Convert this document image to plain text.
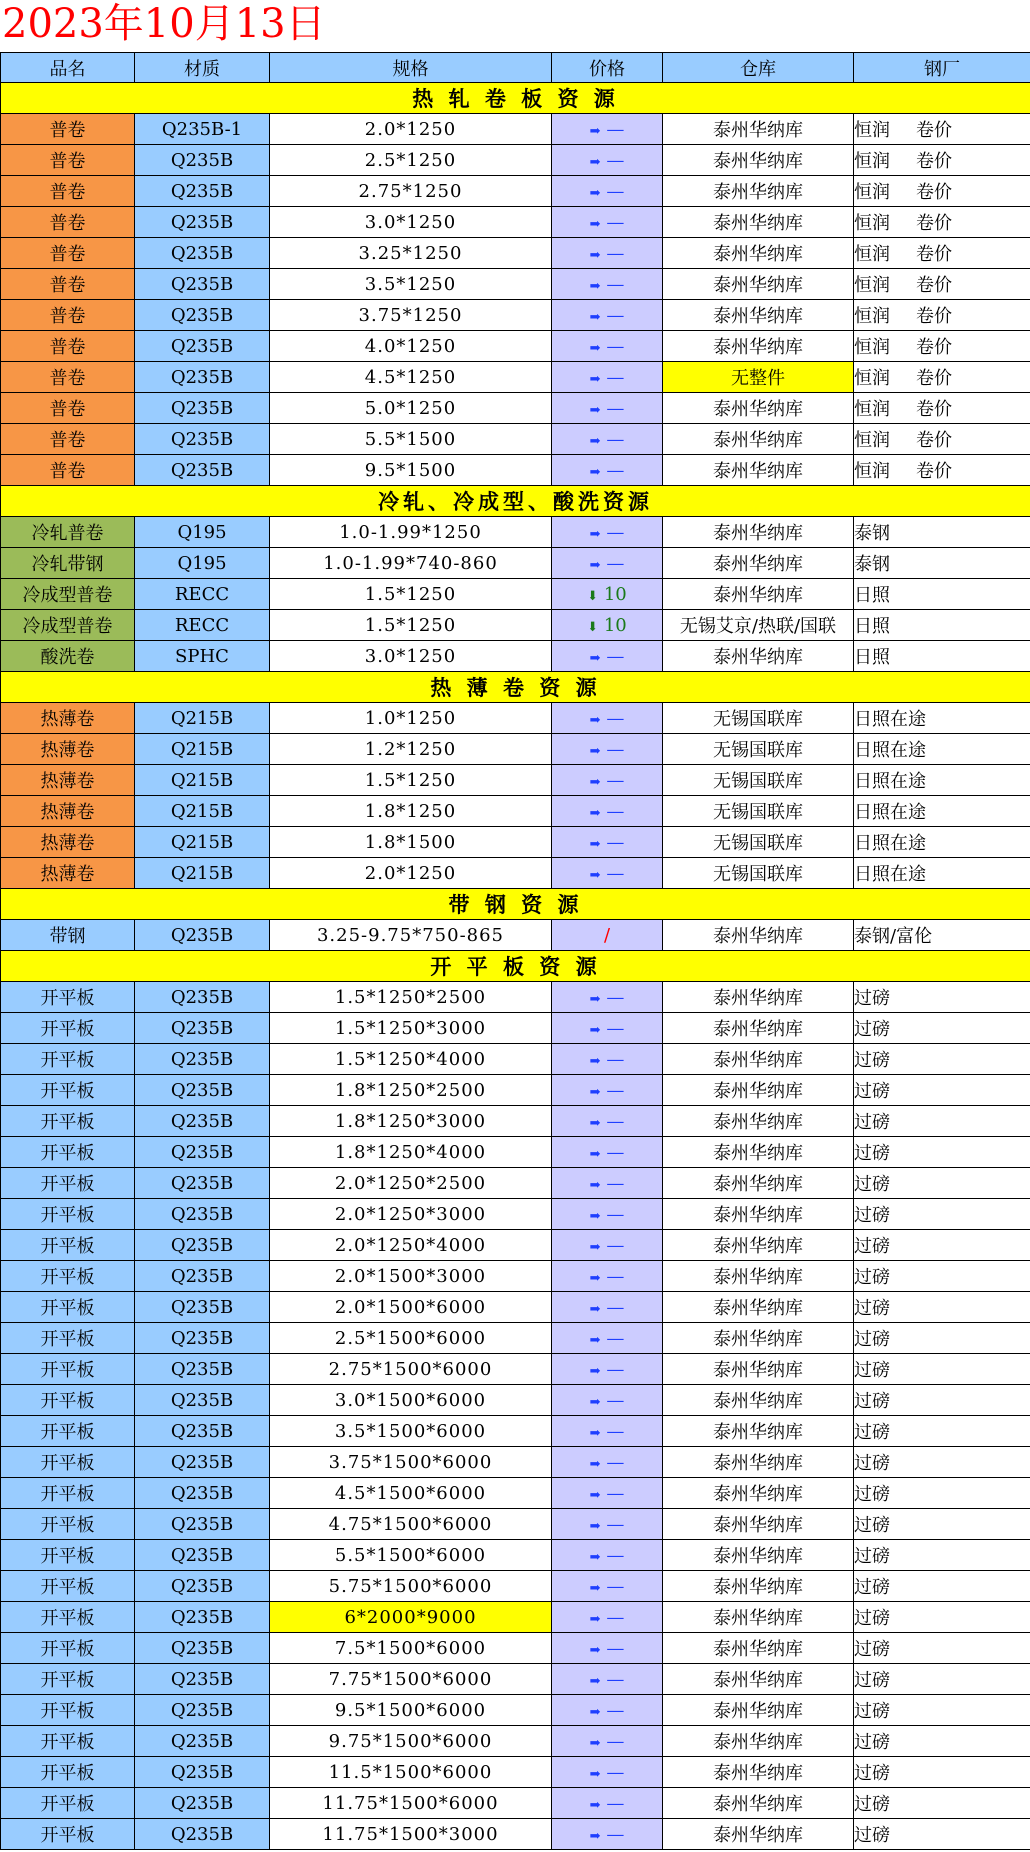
2023年10月13日
品名	材质	规格	价格	仓库	钢厂
热 轧 卷 板 资 源					
普卷	Q235B-1	2.0*1250	➡ —	泰州华纳库	恒润 卷价
普卷	Q235B	2.5*1250	➡ —	泰州华纳库	恒润 卷价
普卷	Q235B	2.75*1250	➡ —	泰州华纳库	恒润 卷价
普卷	Q235B	3.0*1250	➡ —	泰州华纳库	恒润 卷价
普卷	Q235B	3.25*1250	➡ —	泰州华纳库	恒润 卷价
普卷	Q235B	3.5*1250	➡ —	泰州华纳库	恒润 卷价
普卷	Q235B	3.75*1250	➡ —	泰州华纳库	恒润 卷价
普卷	Q235B	4.0*1250	➡ —	泰州华纳库	恒润 卷价
普卷	Q235B	4.5*1250	➡ —	无整件	恒润 卷价
普卷	Q235B	5.0*1250	➡ —	泰州华纳库	恒润 卷价
普卷	Q235B	5.5*1500	➡ —	泰州华纳库	恒润 卷价
普卷	Q235B	9.5*1500	➡ —	泰州华纳库	恒润 卷价
冷轧、冷成型、酸洗资源					
冷轧普卷	Q195	1.0-1.99*1250	➡ —	泰州华纳库	泰钢
冷轧带钢	Q195	1.0-1.99*740-860	➡ —	泰州华纳库	泰钢
冷成型普卷	RECC	1.5*1250	⬇ 10	泰州华纳库	日照
冷成型普卷	RECC	1.5*1250	⬇ 10	无锡艾京/热联/国联	日照
酸洗卷	SPHC	3.0*1250	➡ —	泰州华纳库	日照
热 薄 卷 资 源					
热薄卷	Q215B	1.0*1250	➡ —	无锡国联库	日照在途
热薄卷	Q215B	1.2*1250	➡ —	无锡国联库	日照在途
热薄卷	Q215B	1.5*1250	➡ —	无锡国联库	日照在途
热薄卷	Q215B	1.8*1250	➡ —	无锡国联库	日照在途
热薄卷	Q215B	1.8*1500	➡ —	无锡国联库	日照在途
热薄卷	Q215B	2.0*1250	➡ —	无锡国联库	日照在途
带 钢 资 源					
带钢	Q235B	3.25-9.75*750-865	/	泰州华纳库	泰钢/富伦
开 平 板 资 源					
开平板	Q235B	1.5*1250*2500	➡ —	泰州华纳库	过磅
开平板	Q235B	1.5*1250*3000	➡ —	泰州华纳库	过磅
开平板	Q235B	1.5*1250*4000	➡ —	泰州华纳库	过磅
开平板	Q235B	1.8*1250*2500	➡ —	泰州华纳库	过磅
开平板	Q235B	1.8*1250*3000	➡ —	泰州华纳库	过磅
开平板	Q235B	1.8*1250*4000	➡ —	泰州华纳库	过磅
开平板	Q235B	2.0*1250*2500	➡ —	泰州华纳库	过磅
开平板	Q235B	2.0*1250*3000	➡ —	泰州华纳库	过磅
开平板	Q235B	2.0*1250*4000	➡ —	泰州华纳库	过磅
开平板	Q235B	2.0*1500*3000	➡ —	泰州华纳库	过磅
开平板	Q235B	2.0*1500*6000	➡ —	泰州华纳库	过磅
开平板	Q235B	2.5*1500*6000	➡ —	泰州华纳库	过磅
开平板	Q235B	2.75*1500*6000	➡ —	泰州华纳库	过磅
开平板	Q235B	3.0*1500*6000	➡ —	泰州华纳库	过磅
开平板	Q235B	3.5*1500*6000	➡ —	泰州华纳库	过磅
开平板	Q235B	3.75*1500*6000	➡ —	泰州华纳库	过磅
开平板	Q235B	4.5*1500*6000	➡ —	泰州华纳库	过磅
开平板	Q235B	4.75*1500*6000	➡ —	泰州华纳库	过磅
开平板	Q235B	5.5*1500*6000	➡ —	泰州华纳库	过磅
开平板	Q235B	5.75*1500*6000	➡ —	泰州华纳库	过磅
开平板	Q235B	6*2000*9000	➡ —	泰州华纳库	过磅
开平板	Q235B	7.5*1500*6000	➡ —	泰州华纳库	过磅
开平板	Q235B	7.75*1500*6000	➡ —	泰州华纳库	过磅
开平板	Q235B	9.5*1500*6000	➡ —	泰州华纳库	过磅
开平板	Q235B	9.75*1500*6000	➡ —	泰州华纳库	过磅
开平板	Q235B	11.5*1500*6000	➡ —	泰州华纳库	过磅
开平板	Q235B	11.75*1500*6000	➡ —	泰州华纳库	过磅
开平板	Q235B	11.75*1500*3000	➡ —	泰州华纳库	过磅
